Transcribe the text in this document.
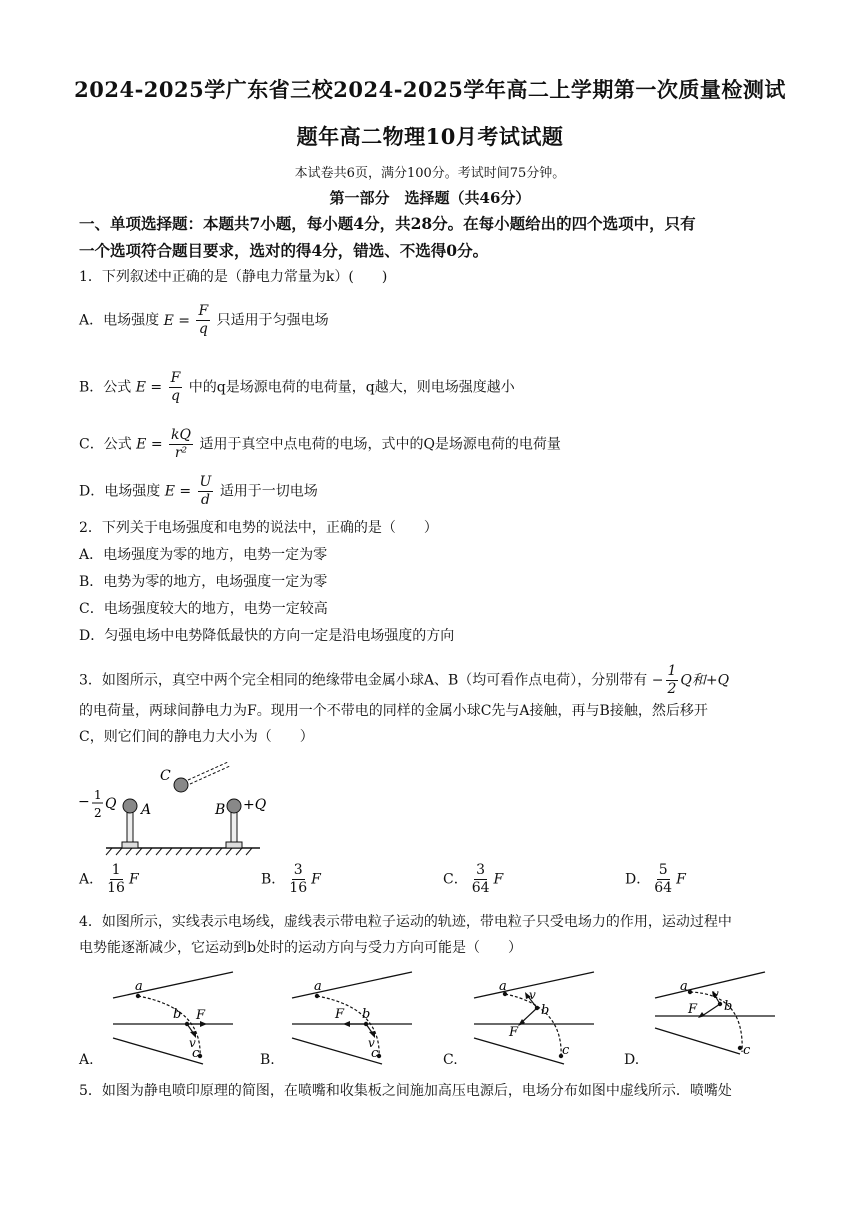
2024-2025学广东省三校2024-2025学年高二上学期第一次质量检测试
题年高二物理10月考试试题
本试卷共6页，满分100分。考试时间75分钟。
第一部分　选择题（共46分）
一、单项选择题：本题共7小题，每小题4分，共28分。在每小题给出的四个选项中，只有
一个选项符合题目要求，选对的得4分，错选、不选得0分。
1．下列叙述中正确的是（静电力常量为k）(　　)
A．电场强度 $E = \frac{F}{q}$ 只适用于匀强电场
B．公式 $E = \frac{F}{q}$ 中的q是场源电荷的电荷量，q越大，则电场强度越小
C．公式 $E = \frac{kQ}{\text{r²}}$ 适用于真空中点电荷的电场，式中的Q是场源电荷的电荷量
D．电场强度 $E = \frac{U}{d}$ 适用于一切电场
2．下列关于电场强度和电势的说法中，正确的是（　　）
A．电场强度为零的地方，电势一定为零
B．电势为零的地方，电场强度一定为零
C．电场强度较大的地方，电势一定较高
D．匀强电场中电势降低最快的方向一定是沿电场强度的方向
3．如图所示，真空中两个完全相同的绝缘带电金属小球A、B（均可看作点电荷），分别带有 − $\frac{1}{2}$ Q和+Q
的电荷量，两球间静电力为F。现用一个不带电的同样的金属小球C先与A接触，再与B接触，然后移开
C，则它们间的静电力大小为（　　）
− 1
2
Q A	B +Q
C
A． $\frac{1}{16}$ F	B． $\frac{3}{16}$ F	C． $\frac{3}{64}$ F	D． $\frac{5}{64}$ F
4．如图所示，实线表示电场线，虚线表示带电粒子运动的轨迹，带电粒子只受电场力的作用，运动过程中
电势能逐渐减少，它运动到b处时的运动方向与受力方向可能是（　　）
a
b F
v
c
a
b
F
v
c
a
b
F
v
c
a
b
F
v
c
A.	B.	C.	D.
5．如图为静电喷印原理的简图，在喷嘴和收集板之间施加高压电源后，电场分布如图中虚线所示．喷嘴处
